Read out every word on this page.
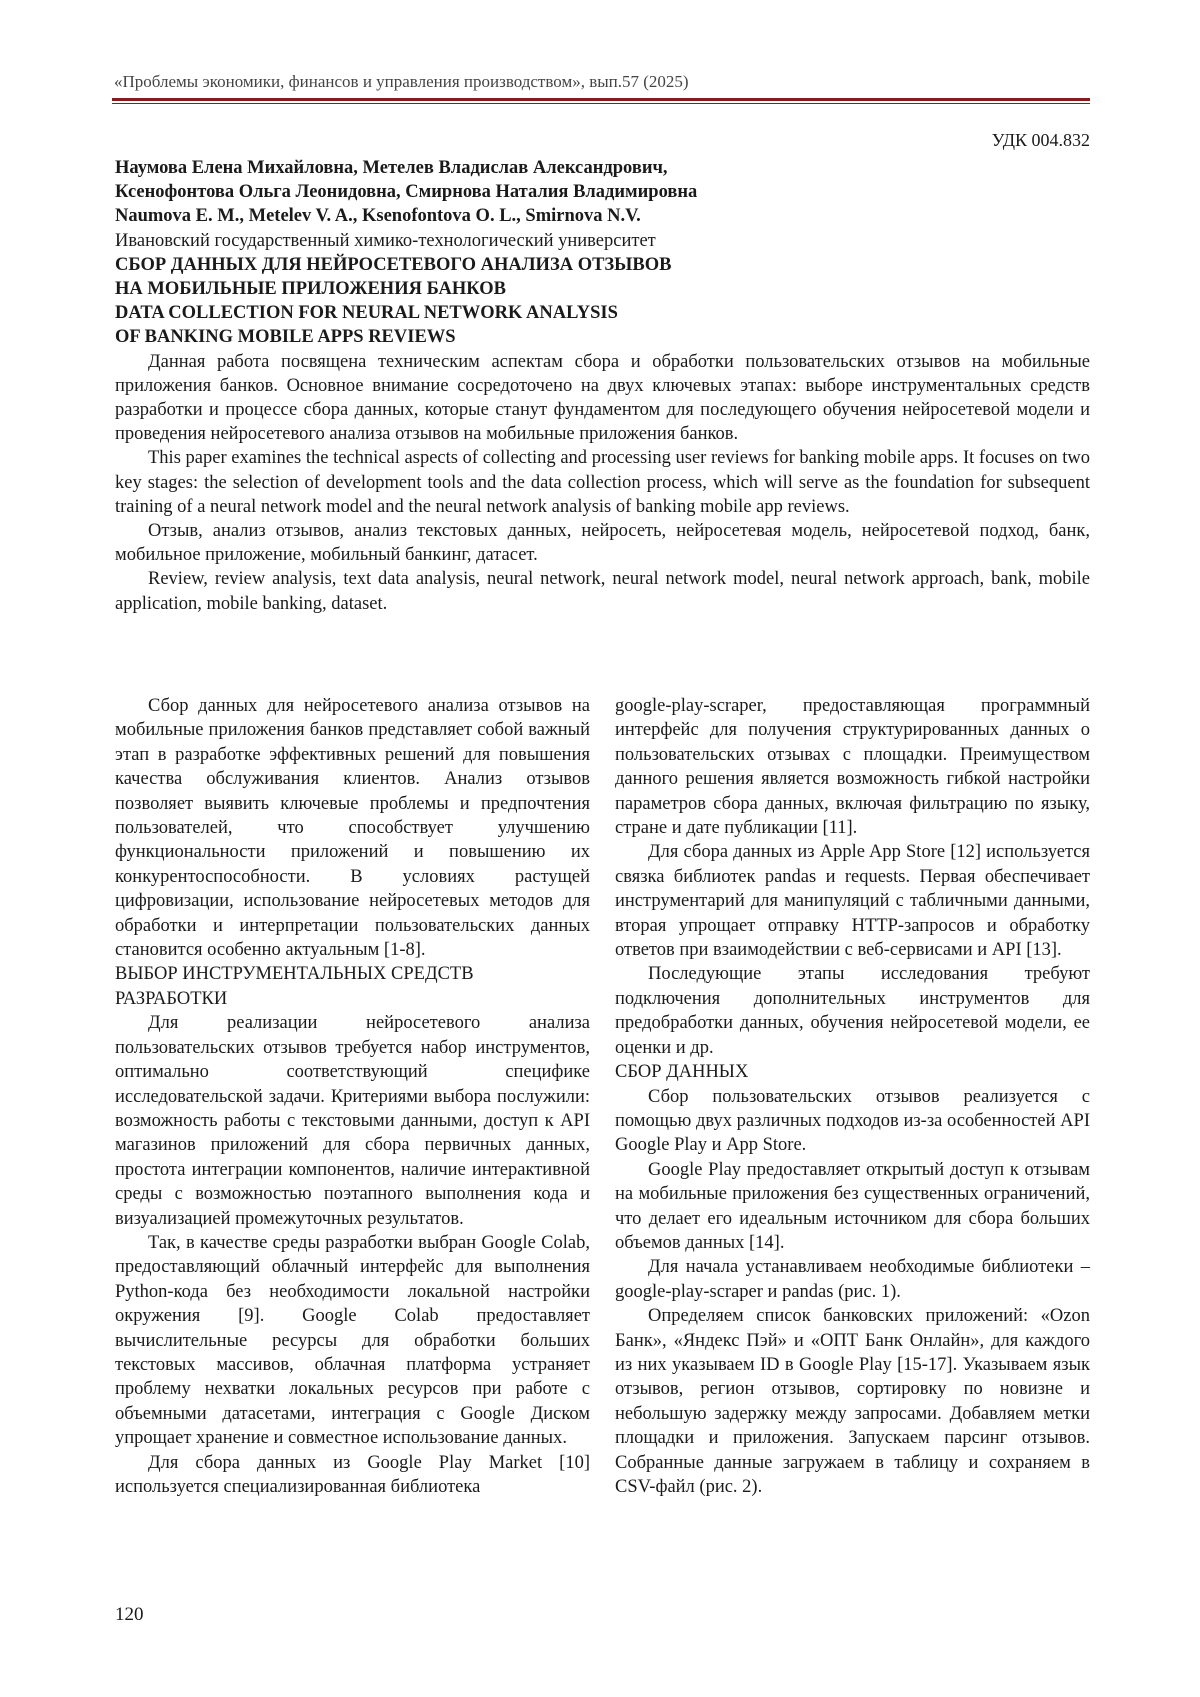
«Проблемы экономики, финансов и управления производством», вып.57 (2025)
УДК 004.832
Наумова Елена Михайловна, Метелев Владислав Александрович,
Ксенофонтова Ольга Леонидовна, Смирнова Наталия Владимировна
Naumova E. M., Metelev V. A., Ksenofontova O. L., Smirnova N.V.
Ивановский государственный химико-технологический университет
СБОР ДАННЫХ ДЛЯ НЕЙРОСЕТЕВОГО АНАЛИЗА ОТЗЫВОВ
НА МОБИЛЬНЫЕ ПРИЛОЖЕНИЯ БАНКОВ
DATA COLLECTION FOR NEURAL NETWORK ANALYSIS
OF BANKING MOBILE APPS REVIEWS

Данная работа посвящена техническим аспектам сбора и обработки пользовательских отзывов на мобильные приложения банков. Основное внимание сосредоточено на двух ключевых этапах: выборе инструментальных средств разработки и процессе сбора данных, которые станут фундаментом для последующего обучения нейросетевой модели и проведения нейросетевого анализа отзывов на мобильные приложения банков.

This paper examines the technical aspects of collecting and processing user reviews for banking mobile apps. It focuses on two key stages: the selection of development tools and the data collection process, which will serve as the foundation for subsequent training of a neural network model and the neural network analysis of banking mobile app reviews.

Отзыв, анализ отзывов, анализ текстовых данных, нейросеть, нейросетевая модель, нейросетевой подход, банк, мобильное приложение, мобильный банкинг, датасет.

Review, review analysis, text data analysis, neural network, neural network model, neural network approach, bank, mobile application, mobile banking, dataset.

Сбор данных для нейросетевого анализа отзывов на мобильные приложения банков представляет собой важный этап в разработке эффективных решений для повышения качества обслуживания клиентов. Анализ отзывов позволяет выявить ключевые проблемы и предпочтения пользователей, что способствует улучшению функциональности приложений и повышению их конкурентоспособности. В условиях растущей цифровизации, использование нейросетевых методов для обработки и интерпретации пользовательских данных становится особенно актуальным [1-8].

ВЫБОР ИНСТРУМЕНТАЛЬНЫХ СРЕДСТВ
РАЗРАБОТКИ

Для реализации нейросетевого анализа пользовательских отзывов требуется набор инструментов, оптимально соответствующий специфике исследовательской задачи. Критериями выбора послужили: возможность работы с текстовыми данными, доступ к API магазинов приложений для сбора первичных данных, простота интеграции компонентов, наличие интерактивной среды с возможностью поэтапного выполнения кода и визуализацией промежуточных результатов.

Так, в качестве среды разработки выбран Google Colab, предоставляющий облачный интерфейс для выполнения Python-кода без необходимости локальной настройки окружения [9]. Google Colab предоставляет вычислительные ресурсы для обработки больших текстовых массивов, облачная платформа устраняет проблему нехватки локальных ресурсов при работе с объемными датасетами, интеграция с Google Диском упрощает хранение и совместное использование данных.

Для сбора данных из Google Play Market [10] используется специализированная библиотека

google-play-scraper, предоставляющая программный интерфейс для получения структурированных данных о пользовательских отзывах с площадки. Преимуществом данного решения является возможность гибкой настройки параметров сбора данных, включая фильтрацию по языку, стране и дате публикации [11].

Для сбора данных из Apple App Store [12] используется связка библиотек pandas и requests. Первая обеспечивает инструментарий для манипуляций с табличными данными, вторая упрощает отправку HTTP-запросов и обработку ответов при взаимодействии с веб-сервисами и API [13].

Последующие этапы исследования требуют подключения дополнительных инструментов для предобработки данных, обучения нейросетевой модели, ее оценки и др.

СБОР ДАННЫХ

Сбор пользовательских отзывов реализуется с помощью двух различных подходов из-за особенностей API Google Play и App Store.

Google Play предоставляет открытый доступ к отзывам на мобильные приложения без существенных ограничений, что делает его идеальным источником для сбора больших объемов данных [14].

Для начала устанавливаем необходимые библиотеки –google-play-scraper и pandas (рис. 1).

Определяем список банковских приложений: «Ozon Банк», «Яндекс Пэй» и «ОПТ Банк Онлайн», для каждого из них указываем ID в Google Play [15-17]. Указываем язык отзывов, регион отзывов, сортировку по новизне и небольшую задержку между запросами. Добавляем метки площадки и приложения. Запускаем парсинг отзывов. Собранные данные загружаем в таблицу и сохраняем в CSV-файл (рис. 2).

120
